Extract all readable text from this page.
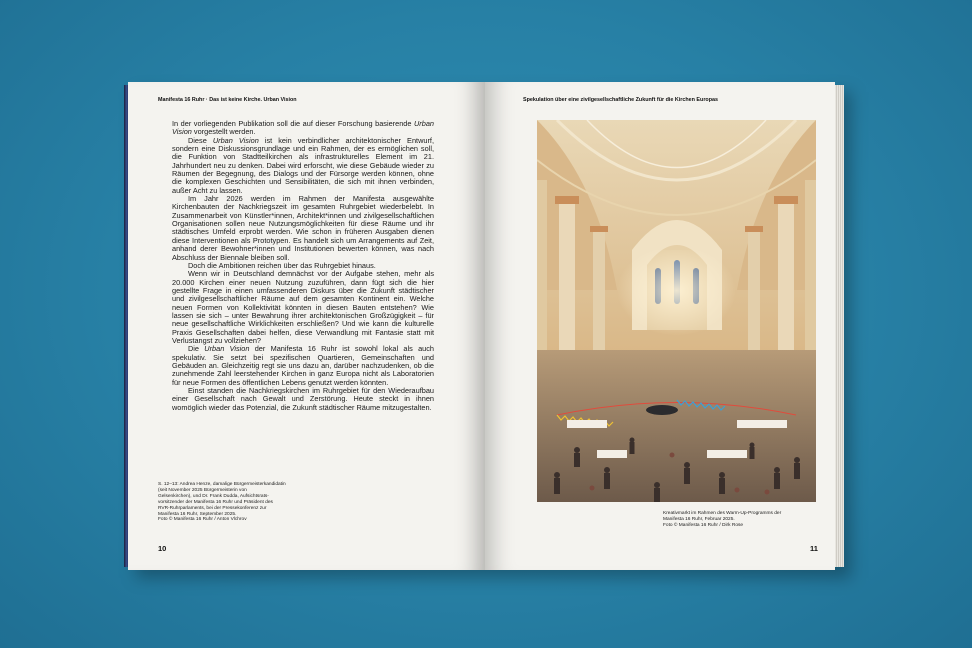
Manifesta 16 Ruhr · Das ist keine Kirche. Urban Vision

In der vorliegenden Publikation soll die auf dieser Forschung basierende Urban Vision vorgestellt werden.

Diese Urban Vision ist kein verbindlicher architektonischer Entwurf, sondern eine Diskussionsgrundlage und ein Rahmen, der es ermöglichen soll, die Funktion von Stadtteilkirchen als infrastrukturelles Element im 21. Jahrhundert neu zu denken. Dabei wird erforscht, wie diese Gebäude wieder zu Räumen der Begegnung, des Dialogs und der Fürsorge werden können, ohne die komplexen Geschichten und Sensibilitäten, die sich mit ihnen verbinden, außer Acht zu lassen.

Im Jahr 2026 werden im Rahmen der Manifesta ausgewählte Kirchenbauten der Nachkriegszeit im gesamten Ruhrgebiet wiederbelebt. In Zusammenarbeit von Künstler*innen, Architekt*innen und zivilgesellschaftlichen Organisationen sollen neue Nutzungsmöglichkeiten für diese Räume und ihr städtisches Umfeld erprobt werden. Wie schon in früheren Ausgaben dienen diese Interventionen als Prototypen. Es handelt sich um Arrangements auf Zeit, anhand derer Bewohner*innen und Institutionen bewerten können, was nach Abschluss der Biennale bleiben soll.

Doch die Ambitionen reichen über das Ruhrgebiet hinaus.

Wenn wir in Deutschland demnächst vor der Aufgabe stehen, mehr als 20.000 Kirchen einer neuen Nutzung zuzuführen, dann fügt sich die hier gestellte Frage in einen umfassenderen Diskurs über die Zukunft städtischer und zivilgesellschaftlicher Räume auf dem gesamten Kontinent ein. Welche neuen Formen von Kollektivität könnten in diesen Bauten entstehen? Wie lassen sie sich – unter Bewahrung ihrer architektonischen Großzügigkeit – für neue gesellschaftliche Wirklichkeiten erschließen? Und wie kann die kulturelle Praxis Gesellschaften dabei helfen, diese Verwandlung mit Fantasie statt mit Verlustangst zu vollziehen?

Die Urban Vision der Manifesta 16 Ruhr ist sowohl lokal als auch spekulativ. Sie setzt bei spezifischen Quartieren, Gemeinschaften und Gebäuden an. Gleichzeitig regt sie uns dazu an, darüber nachzudenken, ob die zunehmende Zahl leerstehender Kirchen in ganz Europa nicht als Laboratorien für neue Formen des öffentlichen Lebens genutzt werden könnten.

Einst standen die Nachkriegskirchen im Ruhrgebiet für den Wiederaufbau einer Gesellschaft nach Gewalt und Zerstörung. Heute steckt in ihnen womöglich wieder das Potenzial, die Zukunft städtischer Räume mitzugestalten.

S. 12–13: Andrea Henze, damalige Bürgermeisterkandidatin
(seit November 2025 Bürgermeisterin von
Gelsenkirchen), und Dr. Frank Dudda, Aufsichtsrats-
vorsitzender der Manifesta 16 Ruhr und Präsident des
RVR-Ruhrparlaments, bei der Pressekonferenz zur
Manifesta 16 Ruhr, September 2025.
Foto © Manifesta 16 Ruhr / Anton Vlchrov
10
Spekulation über eine zivilgesellschaftliche Zukunft für die Kirchen Europas
Kreativmarkt im Rahmen des Warm-Up-Programms der
Manifesta 16 Ruhr, Februar 2025.
Foto © Manifesta 16 Ruhr / Dirk Rose
11
